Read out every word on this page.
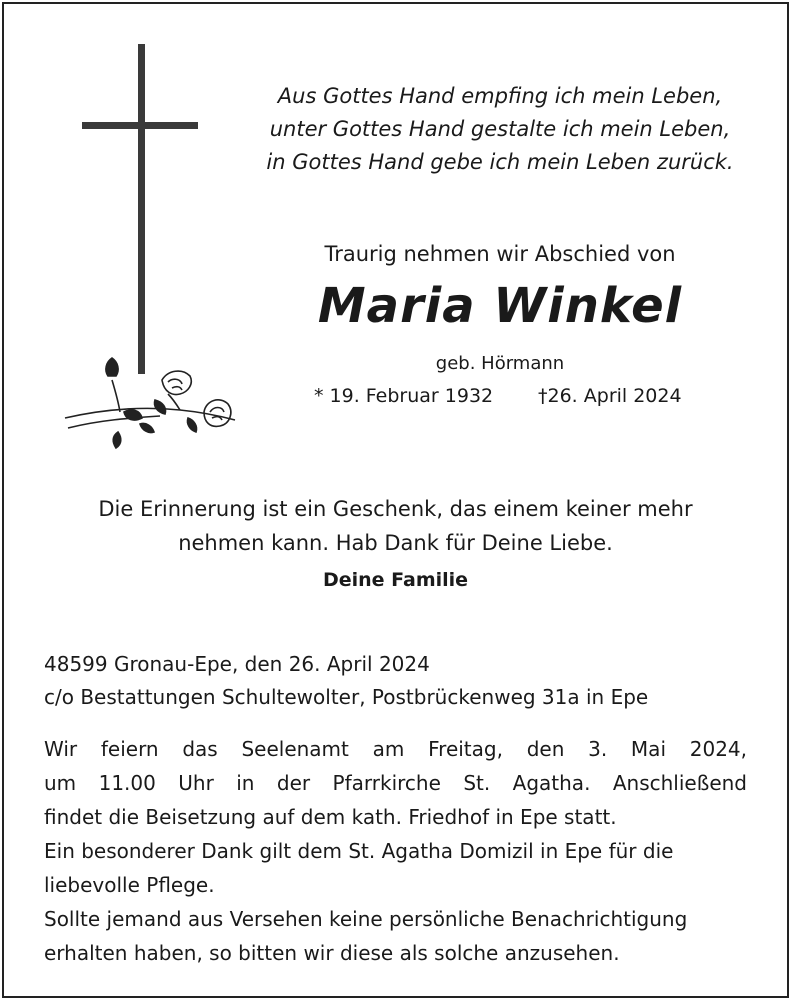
Aus Gottes Hand empfing ich mein Leben,
unter Gottes Hand gestalte ich mein Leben,
in Gottes Hand gebe ich mein Leben zurück.
Traurig nehmen wir Abschied von
Maria Winkel
geb. Hörmann
* 19. Februar 1932 †26. April 2024
Die Erinnerung ist ein Geschenk, das einem keiner mehr
nehmen kann. Hab Dank für Deine Liebe.
Deine Familie
48599 Gronau-Epe, den 26. April 2024
c/o Bestattungen Schultewolter, Postbrückenweg 31a in Epe
Wir feiern das Seelenamt am Freitag, den 3. Mai 2024,
um 11.00 Uhr in der Pfarrkirche St. Agatha. Anschließend
findet die Beisetzung auf dem kath. Friedhof in Epe statt.
Ein besonderer Dank gilt dem St. Agatha Domizil in Epe für die
liebevolle Pflege.
Sollte jemand aus Versehen keine persönliche Benachrichtigung
erhalten haben, so bitten wir diese als solche anzusehen.
